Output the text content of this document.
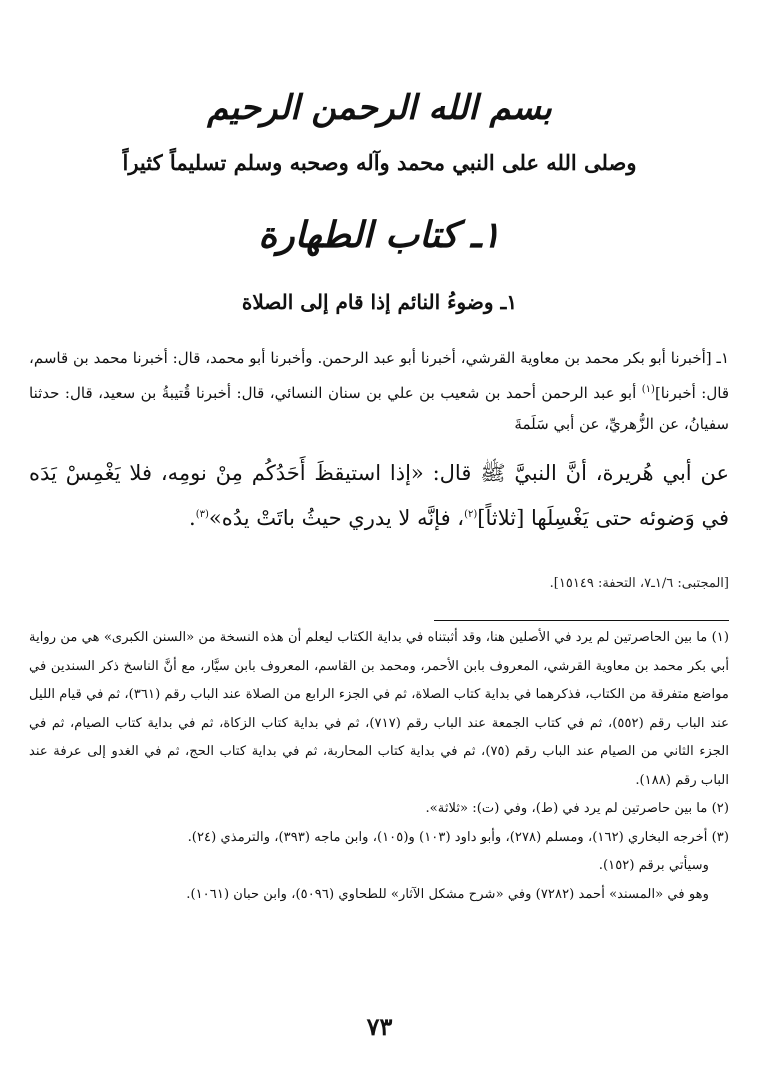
بسم الله الرحمن الرحيم
وصلى الله على النبي محمد وآله وصحبه وسلم تسليماً كثيراً
١ـ كتاب الطهارة
١ـ وضوءُ النائم إذا قام إلى الصلاة

١ـ [أخبرنا أبو بكر محمد بن معاوية القرشي، أخبرنا أبو عبد الرحمن. وأخبرنا أبو محمد، قال: أخبرنا محمد بن قاسم، قال: أخبرنا]$^{(١)}$ أبو عبد الرحمن أحمد بن شعيب بن علي بن سنان النسائي، قال: أخبرنا قُتيبةُ بن سعيد، قال: حدثنا سفيانُ، عن الزُّهريِّ، عن أبي سَلَمةَ

عن أبي هُريرة، أنَّ النبيَّ ﷺ قال: «إذا استيقظَ أَحَدُكُم مِنْ نومِه، فلا يَغْمِسْ يَدَه في وَضوئه حتى يَغْسِلَها [ثلاثاً]$^{(٢)}$، فإنَّه لا يدري حيثُ باتَتْ يدُه»$^{(٣)}$.

[المجتبى: ١/٦ـ٧، التحفة: ١٥١٤٩].

(١) ما بين الحاصرتين لم يرد في الأصلين هنا، وقد أثبتناه في بداية الكتاب ليعلم أن هذه النسخة من «السنن الكبرى» هي من رواية أبي بكر محمد بن معاوية القرشي، المعروف بابن الأحمر، ومحمد بن القاسم، المعروف بابن سيَّار، مع أنَّ الناسخ ذكر السندين في مواضع متفرقة من الكتاب، فذكرهما في بداية كتاب الصلاة، ثم في الجزء الرابع من الصلاة عند الباب رقم (٣٦١)، ثم في قيام الليل عند الباب رقم (٥٥٢)، ثم في كتاب الجمعة عند الباب رقم (٧١٧)، ثم في بداية كتاب الزكاة، ثم في بداية كتاب الصيام، ثم في الجزء الثاني من الصيام عند الباب رقم (٧٥)، ثم في بداية كتاب المحاربة، ثم في بداية كتاب الحج، ثم في الغدو إلى عرفة عند الباب رقم (١٨٨).

(٢) ما بين حاصرتين لم يرد في (ط)، وفي (ت): «ثلاثة».

(٣) أخرجه البخاري (١٦٢)، ومسلم (٢٧٨)، وأبو داود (١٠٣) و(١٠٥)، وابن ماجه (٣٩٣)، والترمذي (٢٤).

وسيأتي برقم (١٥٢).

وهو في «المسند» أحمد (٧٢٨٢) وفي «شرح مشكل الآثار» للطحاوي (٥٠٩٦)، وابن حبان (١٠٦١).

٧٣
